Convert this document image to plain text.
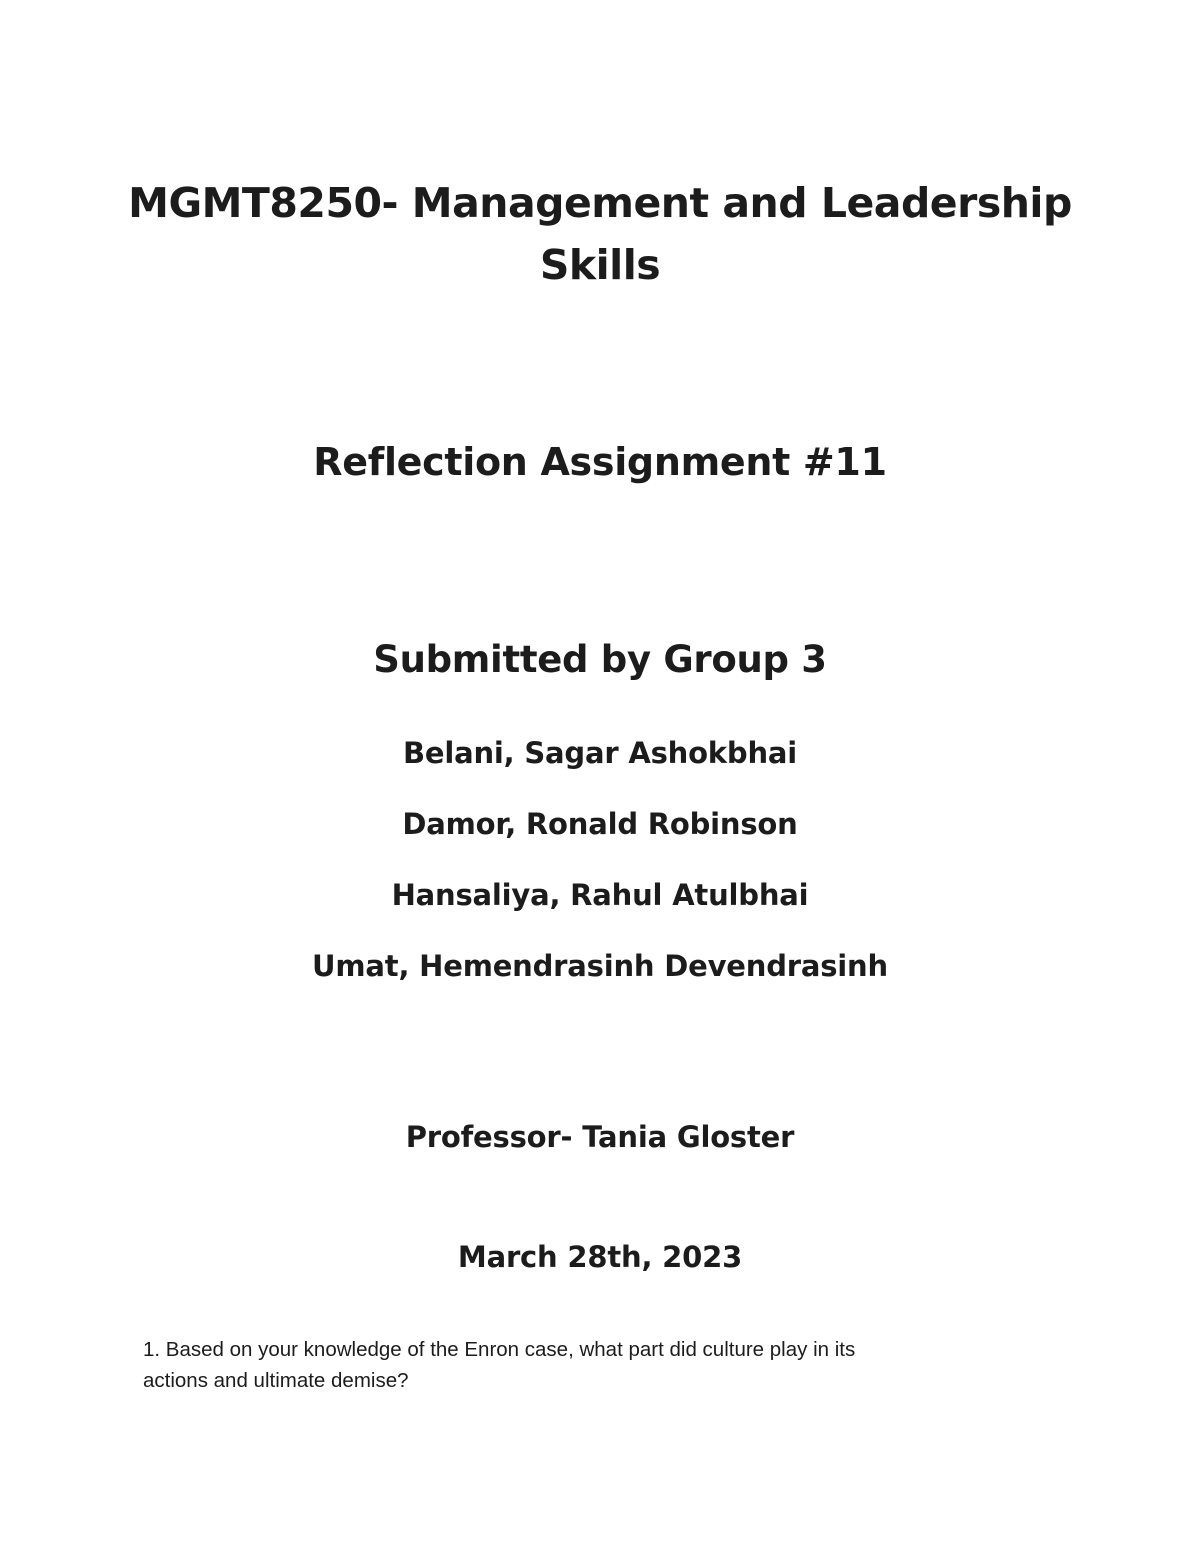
MGMT8250- Management and Leadership
Skills
Reflection Assignment #11
Submitted by Group 3
Belani, Sagar Ashokbhai
Damor, Ronald Robinson
Hansaliya, Rahul Atulbhai
Umat, Hemendrasinh Devendrasinh

Professor- Tania Gloster

March 28th, 2023

1. Based on your knowledge of the Enron case, what part did culture play in its
actions and ultimate demise?
